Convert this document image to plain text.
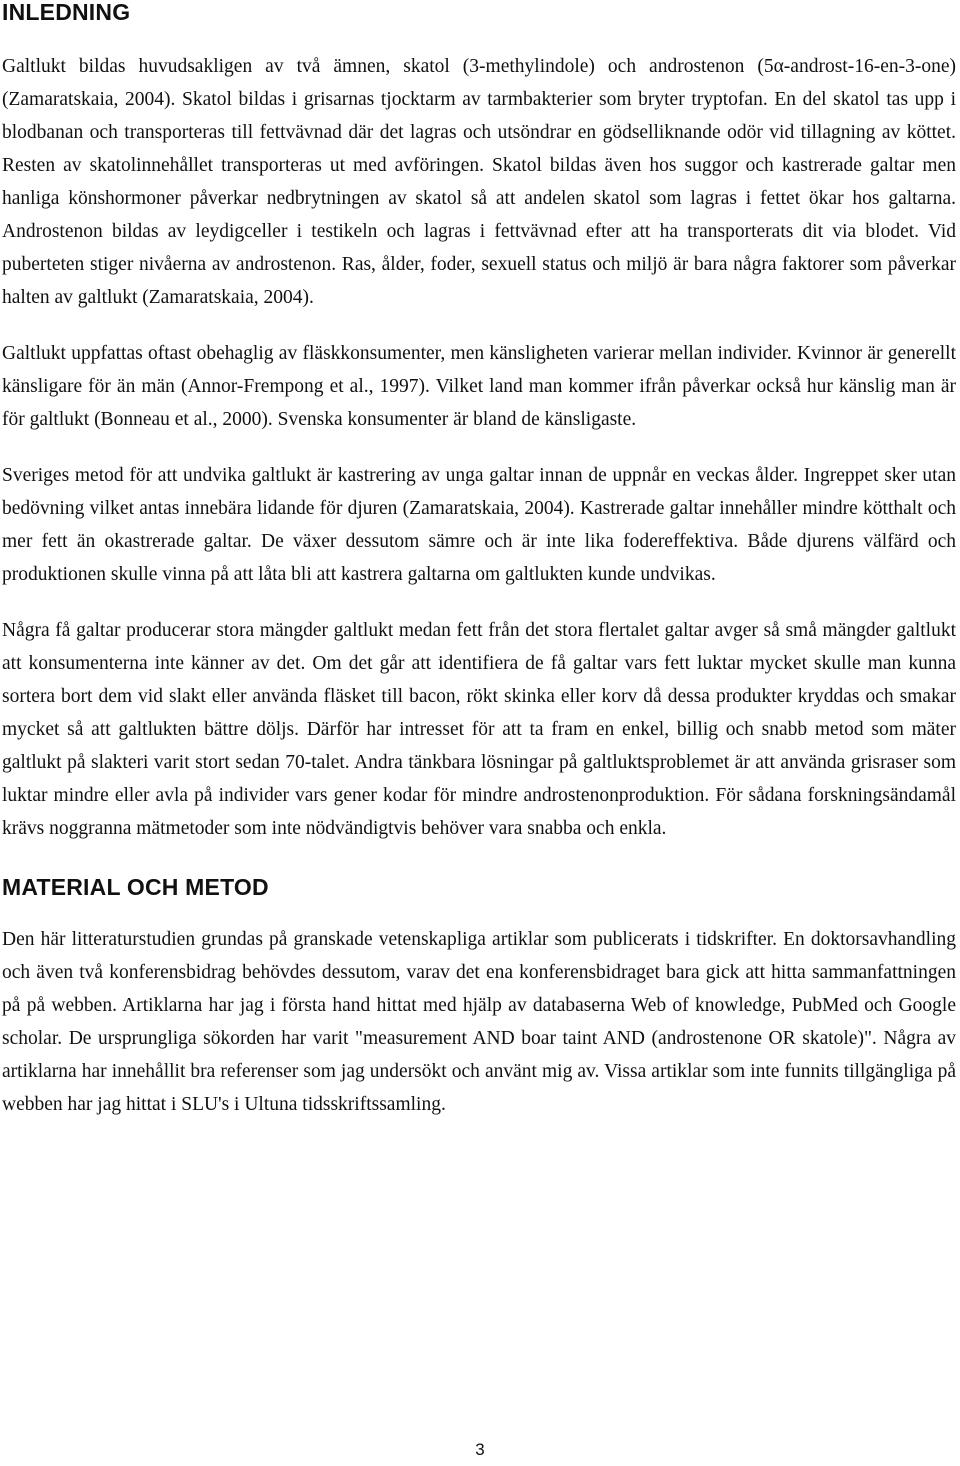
INLEDNING

Galtlukt bildas huvudsakligen av två ämnen, skatol (3-methylindole) och androstenon (5α-androst-16-en-3-one) (Zamaratskaia, 2004). Skatol bildas i grisarnas tjocktarm av tarmbakterier som bryter tryptofan. En del skatol tas upp i blodbanan och transporteras till fettvävnad där det lagras och utsöndrar en gödselliknande odör vid tillagning av köttet. Resten av skatolinnehållet transporteras ut med avföringen. Skatol bildas även hos suggor och kastrerade galtar men hanliga könshormoner påverkar nedbrytningen av skatol så att andelen skatol som lagras i fettet ökar hos galtarna. Androstenon bildas av leydigceller i testikeln och lagras i fettvävnad efter att ha transporterats dit via blodet. Vid puberteten stiger nivåerna av androstenon. Ras, ålder, foder, sexuell status och miljö är bara några faktorer som påverkar halten av galtlukt (Zamaratskaia, 2004).

Galtlukt uppfattas oftast obehaglig av fläskkonsumenter, men känsligheten varierar mellan individer. Kvinnor är generellt känsligare för än män (Annor-Frempong et al., 1997). Vilket land man kommer ifrån påverkar också hur känslig man är för galtlukt (Bonneau et al., 2000). Svenska konsumenter är bland de känsligaste.

Sveriges metod för att undvika galtlukt är kastrering av unga galtar innan de uppnår en veckas ålder. Ingreppet sker utan bedövning vilket antas innebära lidande för djuren (Zamaratskaia, 2004). Kastrerade galtar innehåller mindre kötthalt och mer fett än okastrerade galtar. De växer dessutom sämre och är inte lika fodereffektiva. Både djurens välfärd och produktionen skulle vinna på att låta bli att kastrera galtarna om galtlukten kunde undvikas.

Några få galtar producerar stora mängder galtlukt medan fett från det stora flertalet galtar avger så små mängder galtlukt att konsumenterna inte känner av det. Om det går att identifiera de få galtar vars fett luktar mycket skulle man kunna sortera bort dem vid slakt eller använda fläsket till bacon, rökt skinka eller korv då dessa produkter kryddas och smakar mycket så att galtlukten bättre döljs. Därför har intresset för att ta fram en enkel, billig och snabb metod som mäter galtlukt på slakteri varit stort sedan 70-talet. Andra tänkbara lösningar på galtluktsproblemet är att använda grisraser som luktar mindre eller avla på individer vars gener kodar för mindre androstenonproduktion. För sådana forskningsändamål krävs noggranna mätmetoder som inte nödvändigtvis behöver vara snabba och enkla.

MATERIAL OCH METOD

Den här litteraturstudien grundas på granskade vetenskapliga artiklar som publicerats i tidskrifter. En doktorsavhandling och även två konferensbidrag behövdes dessutom, varav det ena konferensbidraget bara gick att hitta sammanfattningen på på webben. Artiklarna har jag i första hand hittat med hjälp av databaserna Web of knowledge, PubMed och Google scholar. De ursprungliga sökorden har varit "measurement AND boar taint AND (androstenone OR skatole)". Några av artiklarna har innehållit bra referenser som jag undersökt och använt mig av. Vissa artiklar som inte funnits tillgängliga på webben har jag hittat i SLU's i Ultuna tidsskriftssamling.

3
